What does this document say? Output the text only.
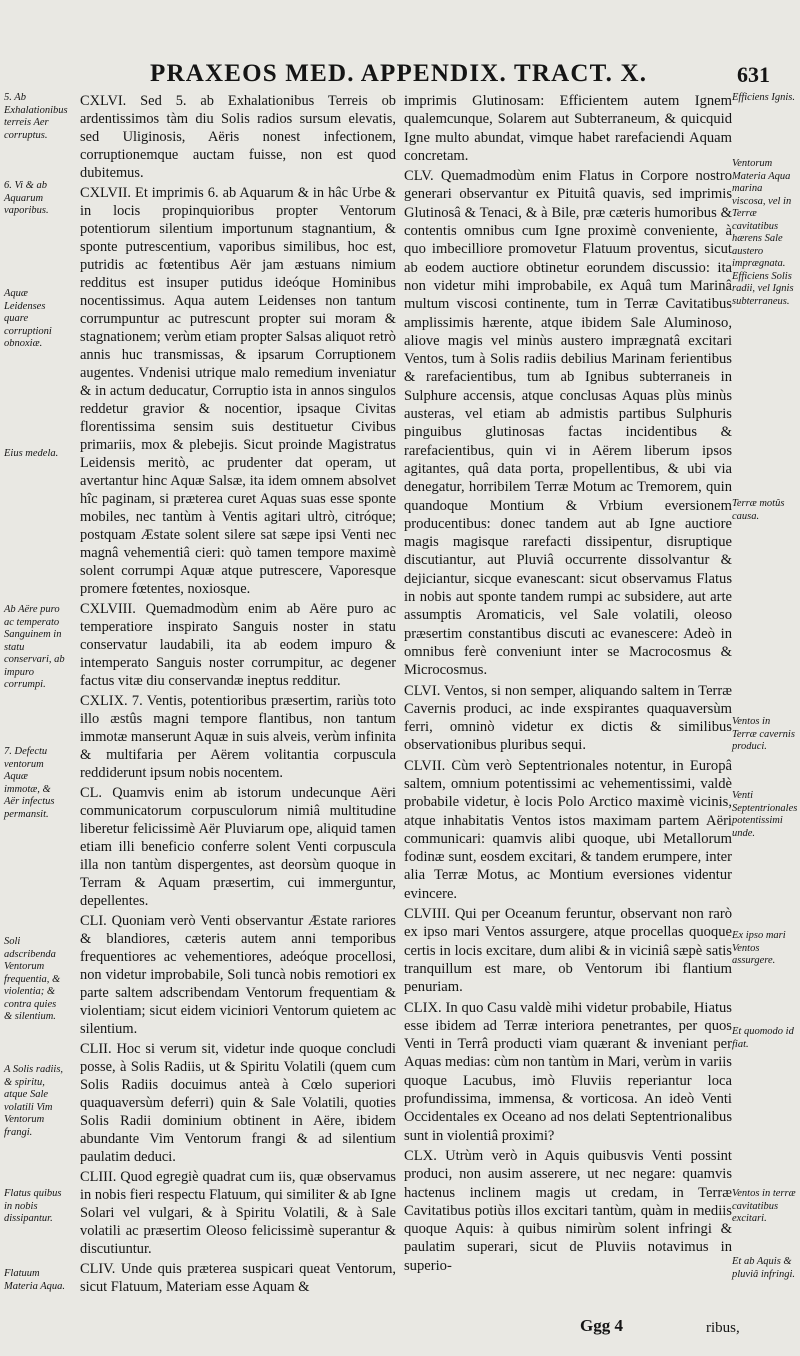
PRAXEOS MED. APPENDIX. TRACT. X.	631
5. Ab Exhalationibus terreis Aer corruptus.
6. Vi & ab Aquarum vaporibus.
Aquæ Leidenses quare corruptioni obnoxiæ.
Eius medela.
Ab Aëre puro ac temperato Sanguinem in statu conservari, ab impuro corrumpi.
7. Defectu ventorum Aquæ immotæ, & Aër infectus permansit.
Soli adscribenda Ventorum frequentia, & violentia; & contra quies & silentium.
A Solis radiis, & spiritu, atque Sale volatili Vim Ventorum frangi.
Flatus quibus in nobis dissipantur.
Flatuum Materia Aqua.
Efficiens Ignis.
Ventorum Materia Aqua marina viscosa, vel in Terræ cavitatibus hærens Sale austero imprægnata. Efficiens Solis radii, vel Ignis subterraneus.
Terræ motûs causa.
Ventos in Terræ cavernis produci.
Venti Septentrionales potentissimi unde.
Ex ipso mari Ventos assurgere.
Et quomodo id fiat.
Ventos in terræ cavitatibus excitari.
Et ab Aquis & pluviâ infringi.

CXLVI. Sed 5. ab Exhalationibus Terreis ob ardentissimos tàm diu Solis radios sursum elevatis, sed Uliginosis, Aëris nonest infectionem, corruptionemque auctam fuisse, non est quod dubitemus.

CXLVII. Et imprimis 6. ab Aquarum & in hâc Urbe & in locis propinquioribus propter Ventorum potentiorum silentium importunum stagnantium, & sponte putrescentium, vaporibus similibus, hoc est, putridis ac fœtentibus Aër jam æstuans nimium redditus est insuper putidus ideóque Hominibus nocentissimus. Aqua autem Leidenses non tantum corrumpuntur ac putrescunt propter sui moram & stagnationem; verùm etiam propter Salsas aliquot retrò annis huc transmissas, & ipsarum Corruptionem augentes. Vndenisi utrique malo remedium inveniatur & in actum deducatur, Corruptio ista in annos singulos reddetur gravior & nocentior, ipsaque Civitas florentissima sensim suis destituetur Civibus primariis, mox & plebejis. Sicut proinde Magistratus Leidensis meritò, ac prudenter dat operam, ut avertantur hinc Aquæ Salsæ, ita idem omnem absolvet hîc paginam, si præterea curet Aquas suas esse sponte mobiles, nec tantùm à Ventis agitari ultrò, citróque; postquam Æstate solent silere sat sæpe ipsi Venti nec magnâ vehementiâ cieri: quò tamen tempore maximè solent corrumpi Aquæ atque putrescere, Vaporesque promere fœtentes, noxiosque.

CXLVIII. Quemadmodùm enim ab Aëre puro ac temperatiore inspirato Sanguis noster in statu conservatur laudabili, ita ab eodem impuro & intemperato Sanguis noster corrumpitur, ac degener factus vitæ diu conservandæ ineptus redditur.

CXLIX. 7. Ventis, potentioribus præsertim, rariùs toto illo æstûs magni tempore flantibus, non tantum immotæ manserunt Aquæ in suis alveis, verùm infinita & multifaria per Aërem volitantia corpuscula reddiderunt ipsum nobis nocentem.

CL. Quamvis enim ab istorum undecunque Aëri communicatorum corpusculorum nimiâ multitudine liberetur felicissimè Aër Pluviarum ope, aliquid tamen etiam illi beneficio conferre solent Venti corpuscula illa non tantùm dispergentes, ast deorsùm quoque in Terram & Aquam præsertim, cui immerguntur, depellentes.

CLI. Quoniam verò Venti observantur Æstate rariores & blandiores, cæteris autem anni temporibus frequentiores ac vehementiores, adeóque procellosi, non videtur improbabile, Soli tuncà nobis remotiori ex parte saltem adscribendam Ventorum frequentiam & violentiam; sicut eidem viciniori Ventorum quietem ac silentium.

CLII. Hoc si verum sit, videtur inde quoque concludi posse, à Solis Radiis, ut & Spiritu Volatili (quem cum Solis Radiis docuimus anteà à Cœlo superiori quaquaversùm deferri) quin & Sale Volatili, quoties Solis Radii dominium obtinent in Aëre, ibidem abundante Vim Ventorum frangi & ad silentium paulatim deduci.

CLIII. Quod egregiè quadrat cum iis, quæ observamus in nobis fieri respectu Flatuum, qui similiter & ab Igne Solari vel vulgari, & à Spiritu Volatili, & à Sale volatili ac præsertim Oleoso felicissimè superantur & discutiuntur.

CLIV. Unde quis præterea suspicari queat Ventorum, sicut Flatuum, Materiam esse Aquam &

imprimis Glutinosam: Efficientem autem Ignem qualemcunque, Solarem aut Subterraneum, & quicquid Igne multo abundat, vimque habet rarefaciendi Aquam concretam.

CLV. Quemadmodùm enim Flatus in Corpore nostro generari observantur ex Pituitâ quavis, sed imprimis Glutinosâ & Tenaci, & à Bile, præ cæteris humoribus & contentis omnibus cum Igne proximè conveniente, à quo imbecilliore promovetur Flatuum proventus, sicut ab eodem auctiore obtinetur eorundem discussio: ita non videtur mihi improbabile, ex Aquâ tum Marinâ multum viscosi continente, tum in Terræ Cavitatibus amplissimis hærente, atque ibidem Sale Aluminoso, aliove magis vel minùs austero imprægnatâ excitari Ventos, tum à Solis radiis debilius Marinam ferientibus & rarefacientibus, tum ab Ignibus subterraneis in Sulphure accensis, atque conclusas Aquas plùs minùs austeras, vel etiam ab admistis partibus Sulphuris pinguibus glutinosas factas incidentibus & rarefacientibus, quin vi in Aërem liberum ipsos agitantes, quâ data porta, propellentibus, & ubi via denegatur, horribilem Terræ Motum ac Tremorem, quin quandoque Montium & Vrbium eversionem producentibus: donec tandem aut ab Igne auctiore magis magisque rarefacti dissipentur, disruptique discutiantur, aut Pluviâ occurrente dissolvantur & dejiciantur, sicque evanescant: sicut observamus Flatus in nobis aut sponte tandem rumpi ac subsidere, aut arte assumptis Aromaticis, vel Sale volatili, oleoso præsertim constantibus discuti ac evanescere: Adeò in omnibus ferè conveniunt inter se Macrocosmus & Microcosmus.

CLVI. Ventos, si non semper, aliquando saltem in Terræ Cavernis produci, ac inde exspirantes quaquaversùm ferri, omninò videtur ex dictis & similibus observationibus pluribus sequi.

CLVII. Cùm verò Septentrionales notentur, in Europâ saltem, omnium potentissimi ac vehementissimi, valdè probabile videtur, è locis Polo Arctico maximè vicinis, atque inhabitatis Ventos istos maximam partem Aëri communicari: quamvis alibi quoque, ubi Metallorum fodinæ sunt, eosdem excitari, & tandem erumpere, inter alia Terræ Motus, ac Montium eversiones videntur evincere.

CLVIII. Qui per Oceanum feruntur, observant non rarò ex ipso mari Ventos assurgere, atque procellas quoque certis in locis excitare, dum alibi & in viciniâ sæpè satis tranquillum est mare, ob Ventorum ibi flantium penuriam.

CLIX. In quo Casu valdè mihi videtur probabile, Hiatus esse ibidem ad Terræ interiora penetrantes, per quos Venti in Terrâ producti viam quærant & inveniant per Aquas medias: cùm non tantùm in Mari, verùm in variis quoque Lacubus, imò Fluviis reperiantur loca profundissima, immensa, & vorticosa. An ideò Venti Occidentales ex Oceano ad nos delati Septentrionalibus sunt in violentiâ proximi?

CLX. Utrùm verò in Aquis quibusvis Venti possint produci, non ausim asserere, ut nec negare: quamvis hactenus inclinem magis ut credam, in Terræ Cavitatibus potiùs illos excitari tantùm, quàm in mediis quoque Aquis: à quibus nimirùm solent infringi & paulatim superari, sicut de Pluviis notavimus in superio-

Ggg 4	ribus,
